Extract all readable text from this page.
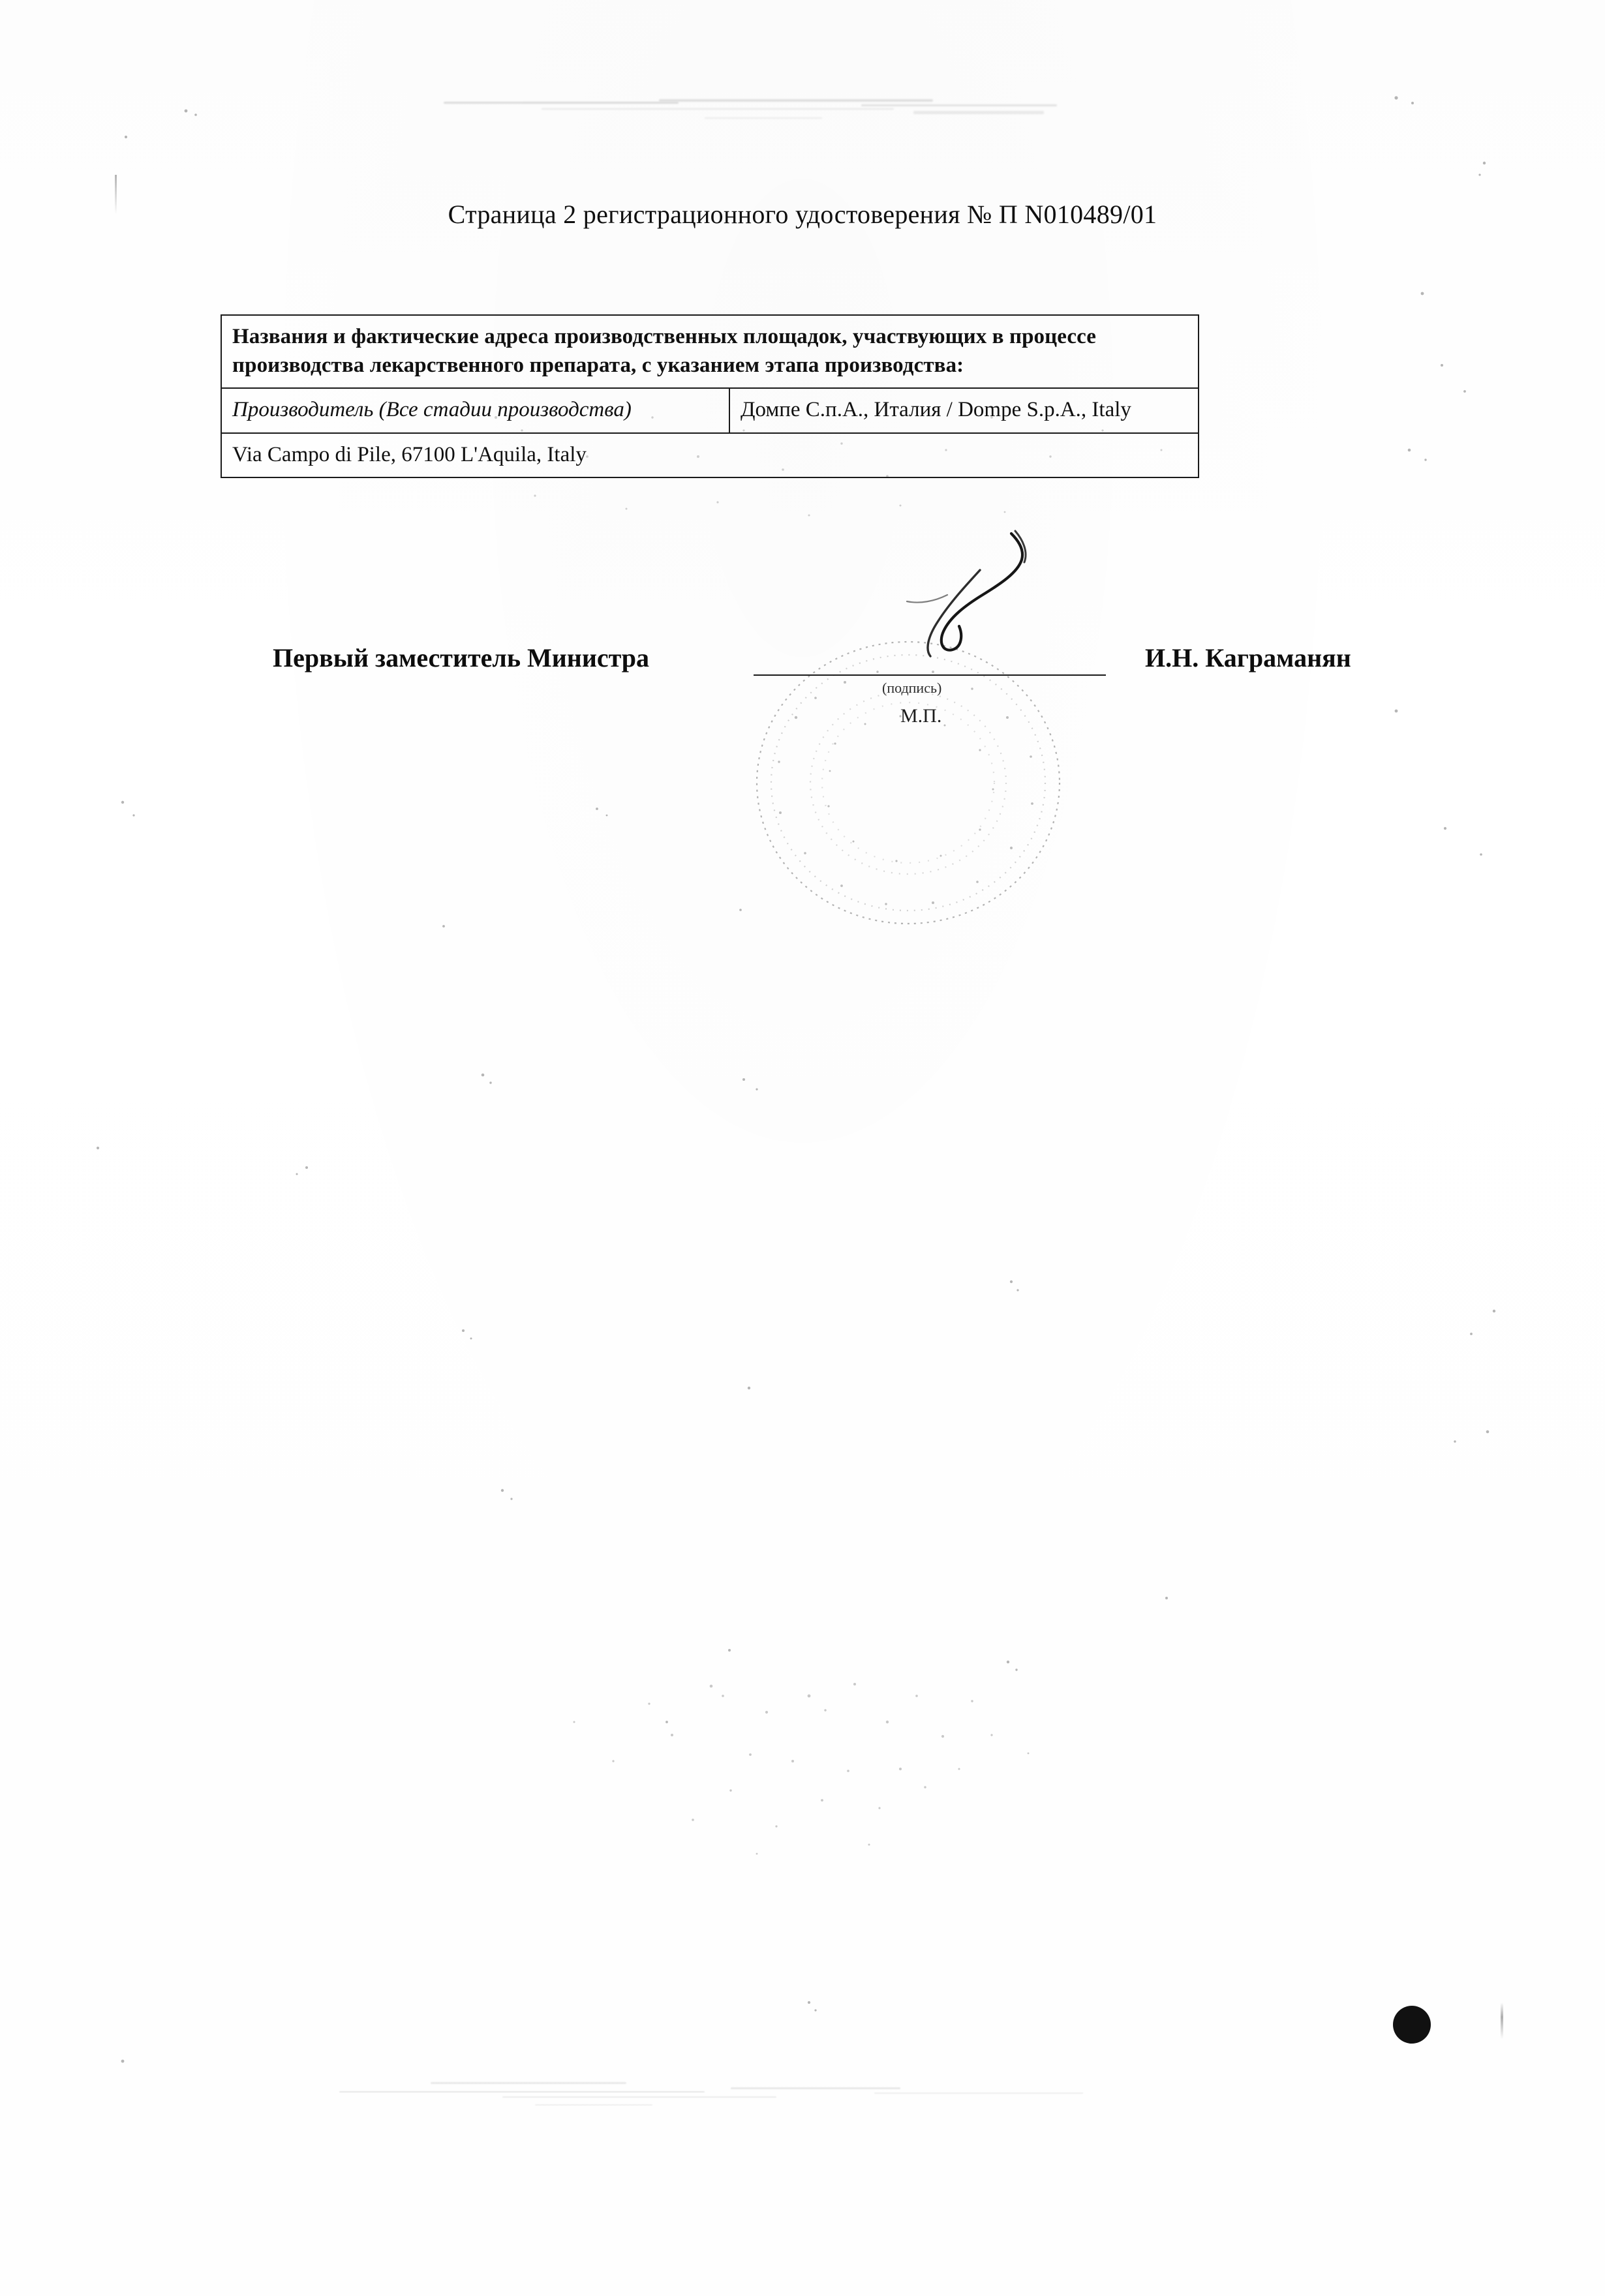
Страница 2 регистрационного удостоверения № П N010489/01
Названия и фактические адреса производственных площадок, участвующих в процессе производства лекарственного препарата, с указанием этапа производства:
Производитель (Все стадии производства)	Домпе С.п.А., Италия / Dompe S.p.A., Italy
Via Campo di Pile, 67100 L'Aquila, Italy
Первый заместитель Министра
(подпись)
М.П.
И.Н. Каграманян
